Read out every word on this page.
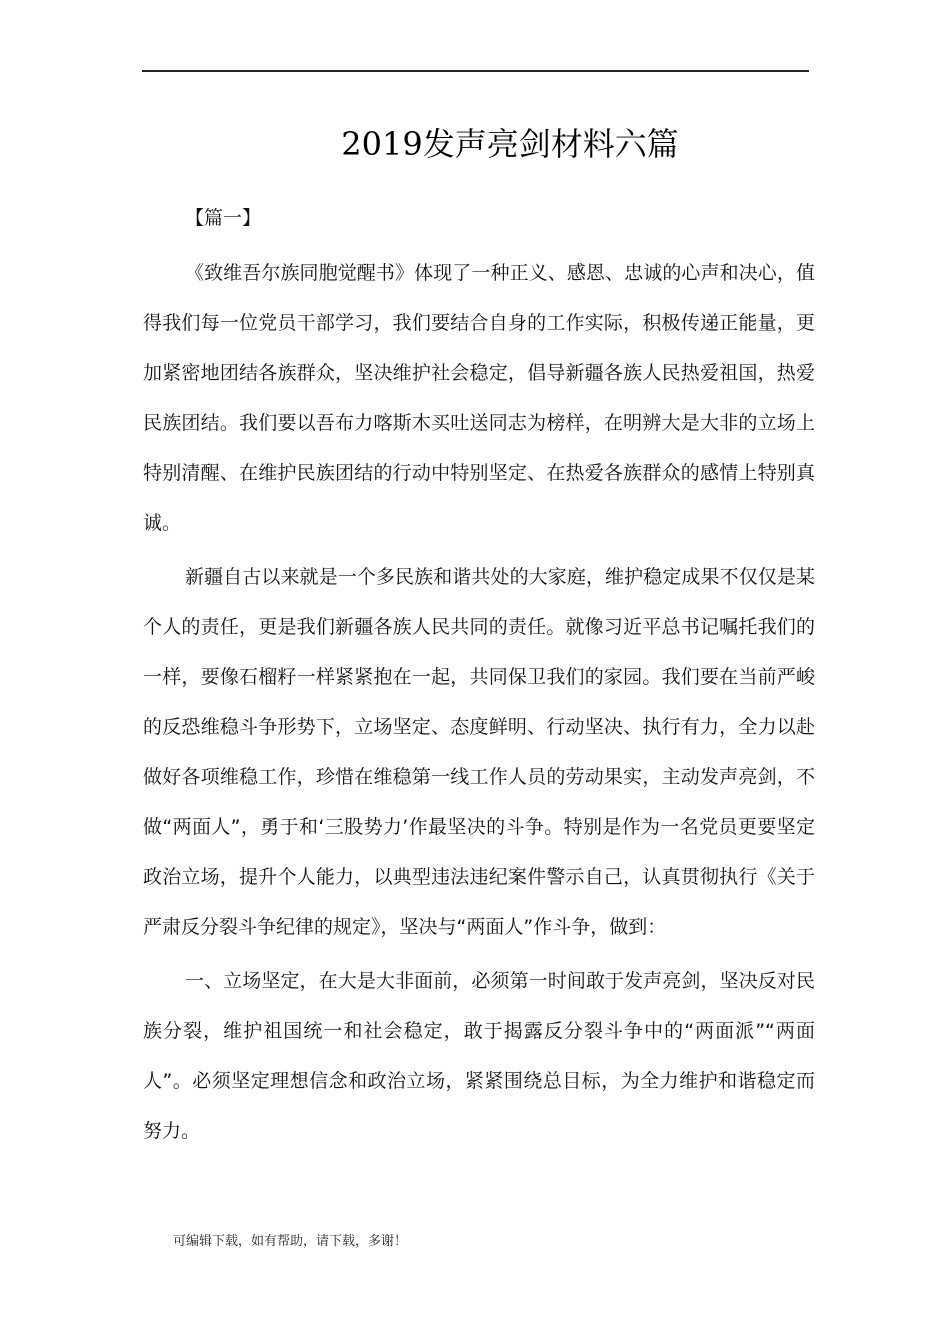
2019发声亮剑材料六篇
【篇一】

《致维吾尔族同胞觉醒书》体现了一种正义、感恩、忠诚的心声和决心，值得我们每一位党员干部学习，我们要结合自身的工作实际，积极传递正能量，更加紧密地团结各族群众，坚决维护社会稳定，倡导新疆各族人民热爱祖国，热爱民族团结。我们要以吾布力喀斯木买吐送同志为榜样，在明辨大是大非的立场上特别清醒、在维护民族团结的行动中特别坚定、在热爱各族群众的感情上特别真诚。

新疆自古以来就是一个多民族和谐共处的大家庭，维护稳定成果不仅仅是某个人的责任，更是我们新疆各族人民共同的责任。就像习近平总书记嘱托我们的一样，要像石榴籽一样紧紧抱在一起，共同保卫我们的家园。我们要在当前严峻的反恐维稳斗争形势下，立场坚定、态度鲜明、行动坚决、执行有力，全力以赴做好各项维稳工作，珍惜在维稳第一线工作人员的劳动果实，主动发声亮剑，不做“两面人”，勇于和‘三股势力’作最坚决的斗争。特别是作为一名党员更要坚定政治立场，提升个人能力，以典型违法违纪案件警示自己，认真贯彻执行《关于严肃反分裂斗争纪律的规定》，坚决与“两面人”作斗争，做到：

一、立场坚定，在大是大非面前，必须第一时间敢于发声亮剑，坚决反对民族分裂，维护祖国统一和社会稳定，敢于揭露反分裂斗争中的“两面派”“两面人”。必须坚定理想信念和政治立场，紧紧围绕总目标，为全力维护和谐稳定而努力。

可编辑下载，如有帮助，请下载，多谢！
